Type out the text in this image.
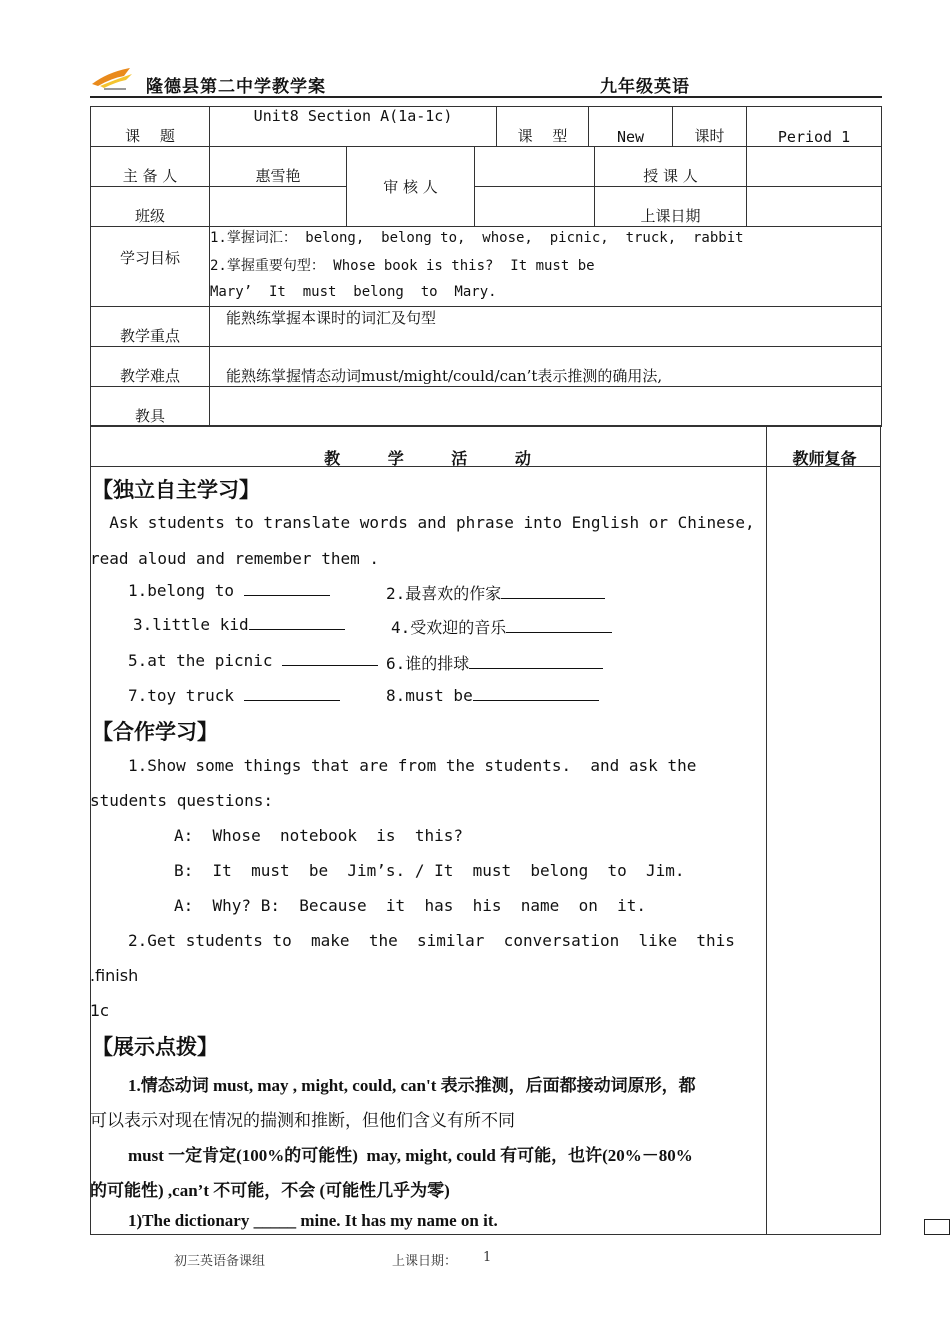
隆德县第二中学教学案	九年级英语
课　 题	Unit8 Section A(1a-1c)			课　 型	New		课时	Period 1
主 备 人	惠雪艳	审 核 人				授 课 人		
班级						上课日期		
学习目标	1.掌握词汇： belong,  belong to,  whose,  picnic,  truck,  rabbit
2.掌握重要句型： Whose book is this?  It must be
Mary’  It  must  belong  to  Mary.							

教学重点	能熟练掌握本课时的词汇及句型							
教学难点	能熟练掌握情态动词must/might/could/can’t表示推测的确用法,							
教具								
教 学 活 动	教师复备
【独立自主学习】
Ask students to translate words and phrase into English or Chinese,
read aloud and remember them .
1.belong to	2.最喜欢的作家
3.little kid	4.受欢迎的音乐
5.at the picnic	6.谁的排球
7.toy truck	8.must be
【合作学习】
1.Show some things that are from the students.  and ask the
students questions:
A:  Whose  notebook  is  this?
B:  It  must  be  Jim’s. / It  must  belong  to  Jim.
A:  Why? B:  Because  it  has  his  name  on  it.
2.Get students to  make  the  similar  conversation  like  this
.finish
1c
【展示点拨】
1.情态动词 must, may , might, could, can't 表示推测，后面都接动词原形，都
可以表示对现在情况的揣测和推断，但他们含义有所不同
must 一定肯定(100%的可能性)  may, might, could 有可能，也许(20%－80%
的可能性) ,can’t 不可能，不会 (可能性几乎为零)
1)The dictionary _____ mine. It has my name on it.
初三英语备课组	上课日期： 1
